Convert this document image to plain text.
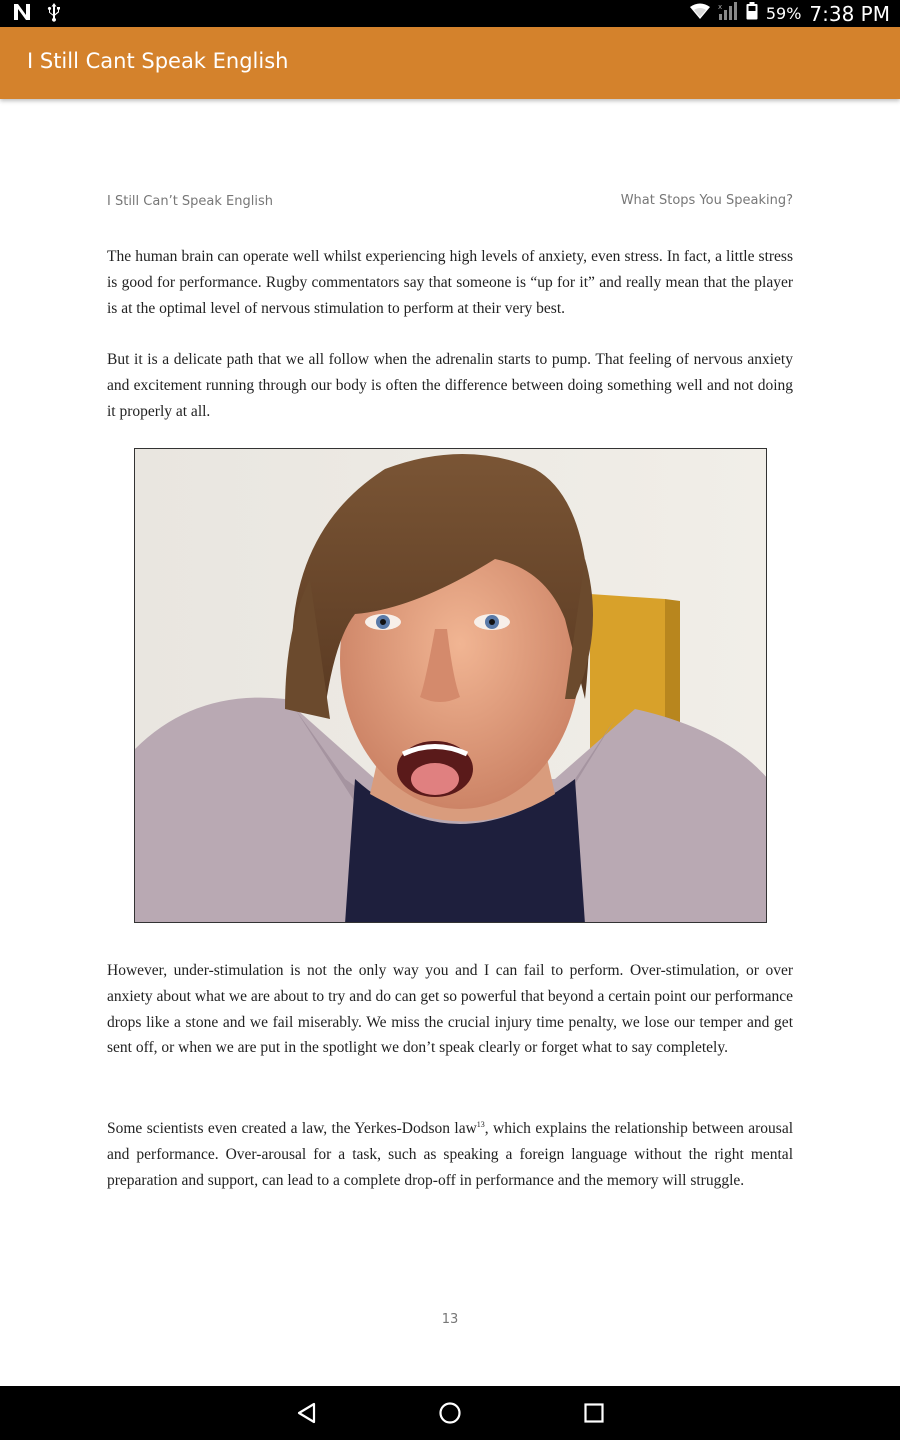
x	59% 7:38 PM
I Still Cant Speak English
I Still Can’t Speak English	What Stops You Speaking?

The human brain can operate well whilst experiencing high levels of anxiety, even stress. In fact, a little stress is good for performance. Rugby commentators say that someone is “up for it” and really mean that the player is at the optimal level of nervous stimulation to perform at their very best.

But it is a delicate path that we all follow when the adrenalin starts to pump. That feeling of nervous anxiety and excitement running through our body is often the difference between doing something well and not doing it properly at all.

However, under-stimulation is not the only way you and I can fail to perform. Over-stimulation, or over anxiety about what we are about to try and do can get so powerful that beyond a certain point our performance drops like a stone and we fail miserably. We miss the crucial injury time penalty, we lose our temper and get sent off, or when we are put in the spotlight we don’t speak clearly or forget what to say completely.

Some scientists even created a law, the Yerkes-Dodson law$^{13}$, which explains the relationship between arousal and performance. Over-arousal for a task, such as speaking a foreign language without the right mental preparation and support, can lead to a complete drop-off in performance and the memory will struggle.

13
